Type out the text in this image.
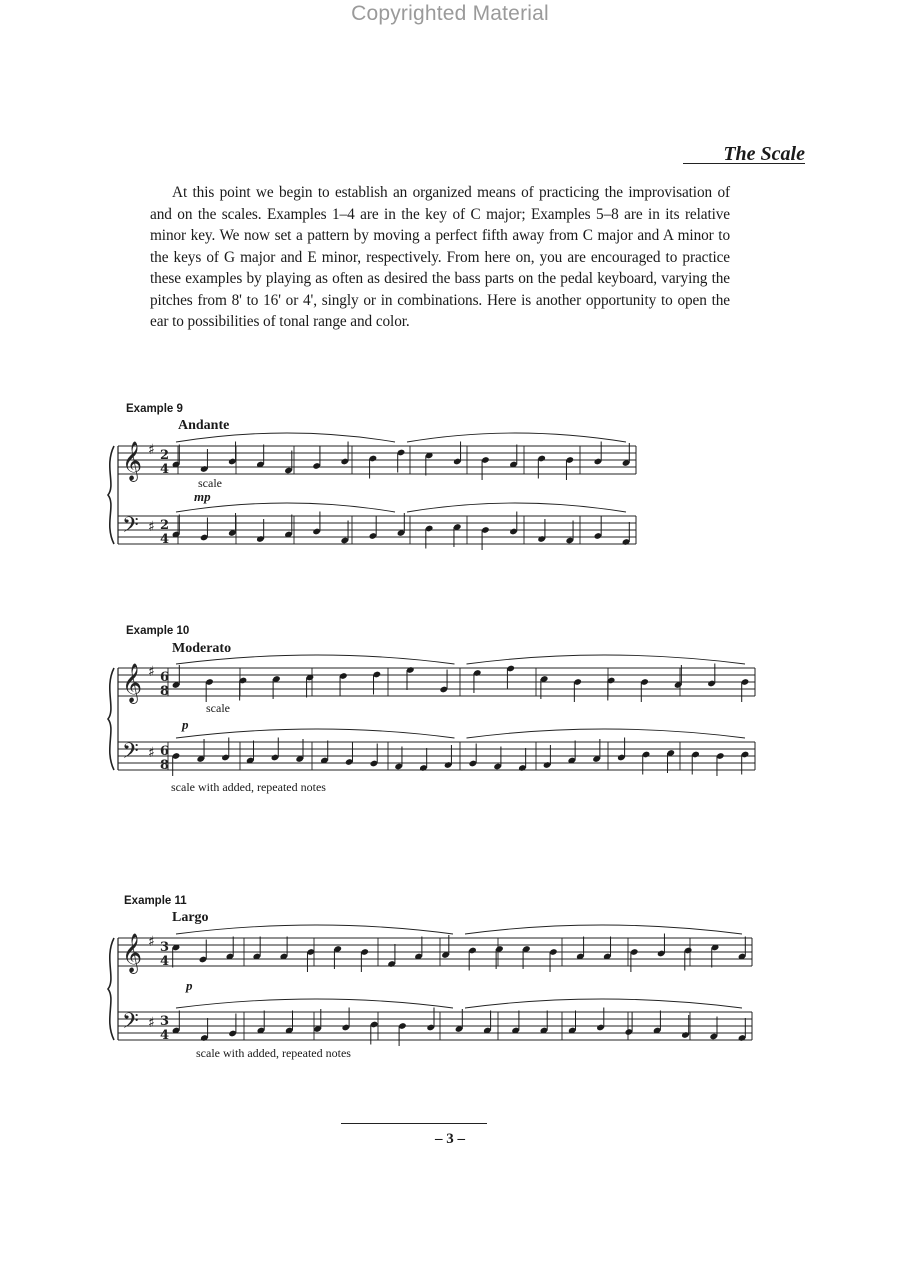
Copyrighted Material
The Scale

At this point we begin to establish an organized means of practicing the improvisation of and on the scales. Examples 1–4 are in the key of C major; Examples 5–8 are in its relative minor key. We now set a pattern by moving a perfect fifth away from C major and A minor to the keys of G major and E minor, respectively. From here on, you are encouraged to practice these examples by playing as often as desired the bass parts on the pedal keyboard, varying the pitches from 8' to 16' or 4', singly or in combinations. Here is another opportunity to open the ear to possibilities of tonal range and color.

Example 9
Andante
𝄞
𝄢
♯
♯
2
4
2
4
scale
mp
Example 10
Moderato
𝄞
𝄢
♯
♯
6
8
6
8
scale
p
scale with added, repeated notes
Example 11
Largo
𝄞
𝄢
♯
♯
3
4
3
4
p
scale with added, repeated notes
– 3 –
